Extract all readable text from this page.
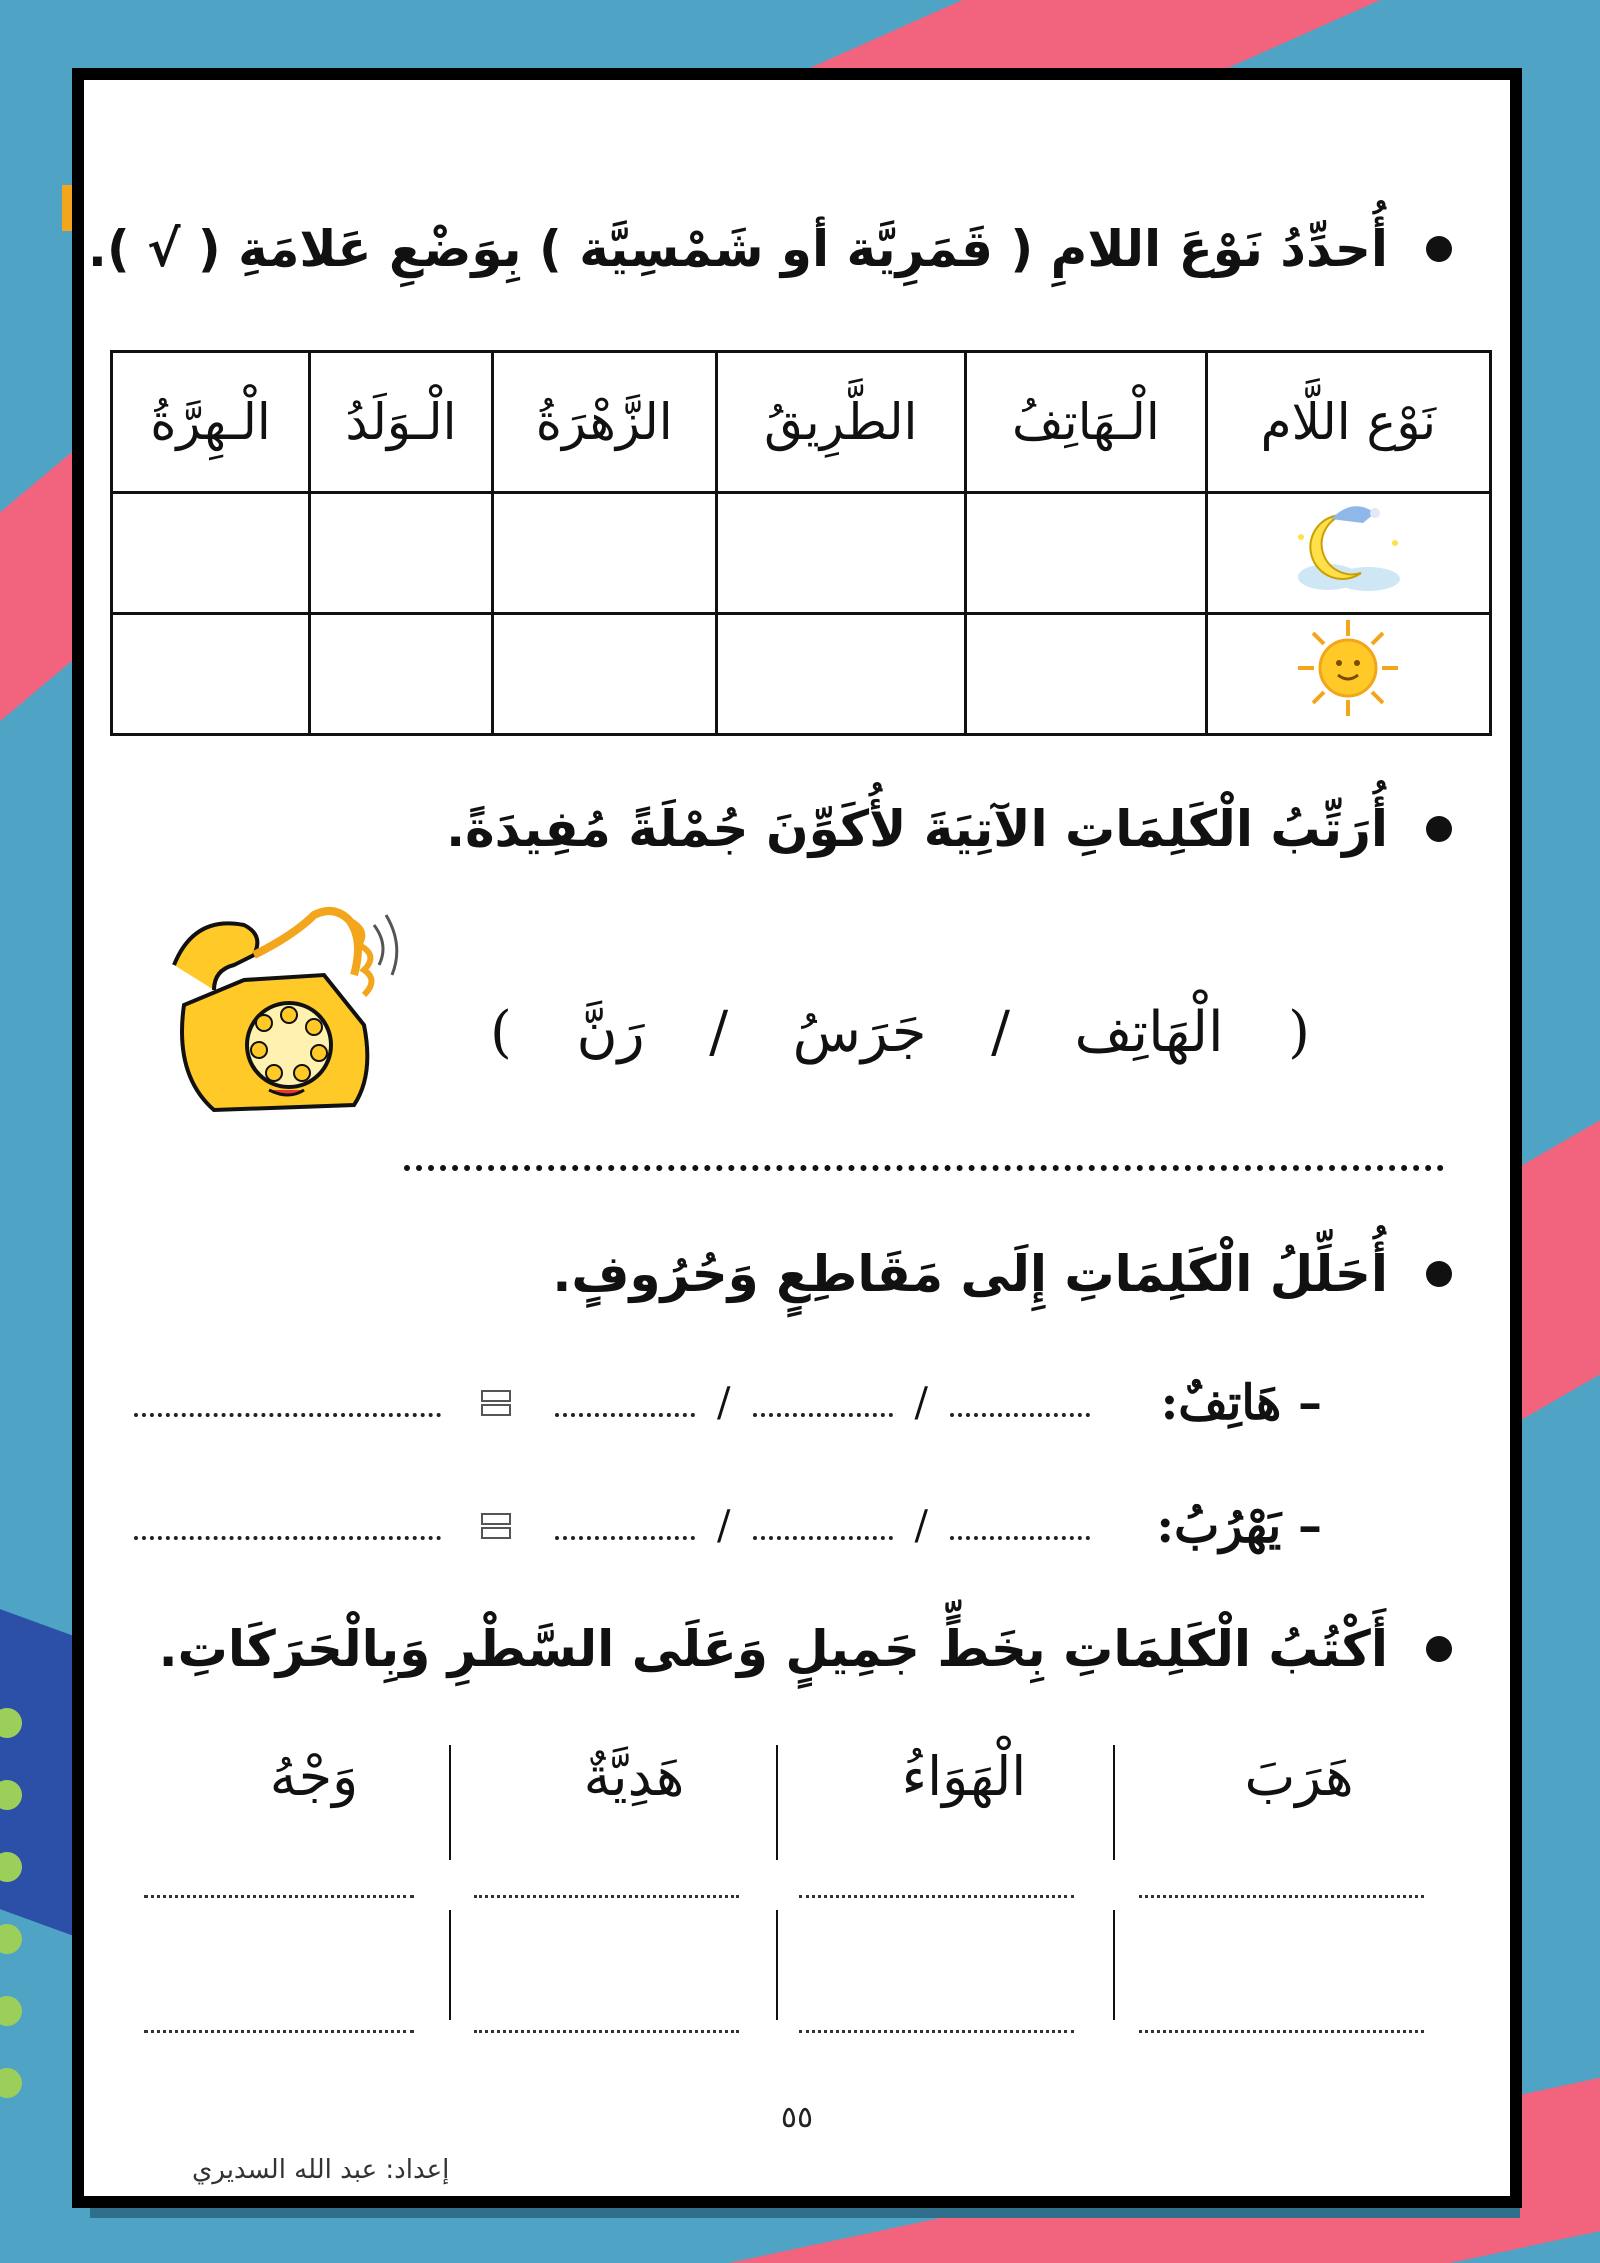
أُحدِّدُ نَوْعَ اللامِ ( قَمَرِيَّة أو شَمْسِيَّة ) بِوَضْعِ عَلامَةِ ( √ ).
نَوْع اللَّام	الْـهَاتِفُ	الطَّرِيقُ	الزَّهْرَةُ	الْـوَلَدُ	الْـهِرَّةُ

أُرَتِّبُ الْكَلِمَاتِ الآتِيَةَ لأُكَوِّنَ جُمْلَةً مُفِيدَةً.
(
الْهَاتِف
/
جَرَسُ
/
رَنَّ
)
أُحَلِّلُ الْكَلِمَاتِ إِلَى مَقَاطِعٍ وَحُرُوفٍ.
– هَاتِفٌ:
/
/
– يَهْرُبُ:
/
/
أَكْتُبُ الْكَلِمَاتِ بِخَطٍّ جَمِيلٍ وَعَلَى السَّطْرِ وَبِالْحَرَكَاتِ.
هَرَبَ
الْهَوَاءُ
هَدِيَّةٌ
وَجْهُ
٥٥
إعداد: عبد الله السديري
